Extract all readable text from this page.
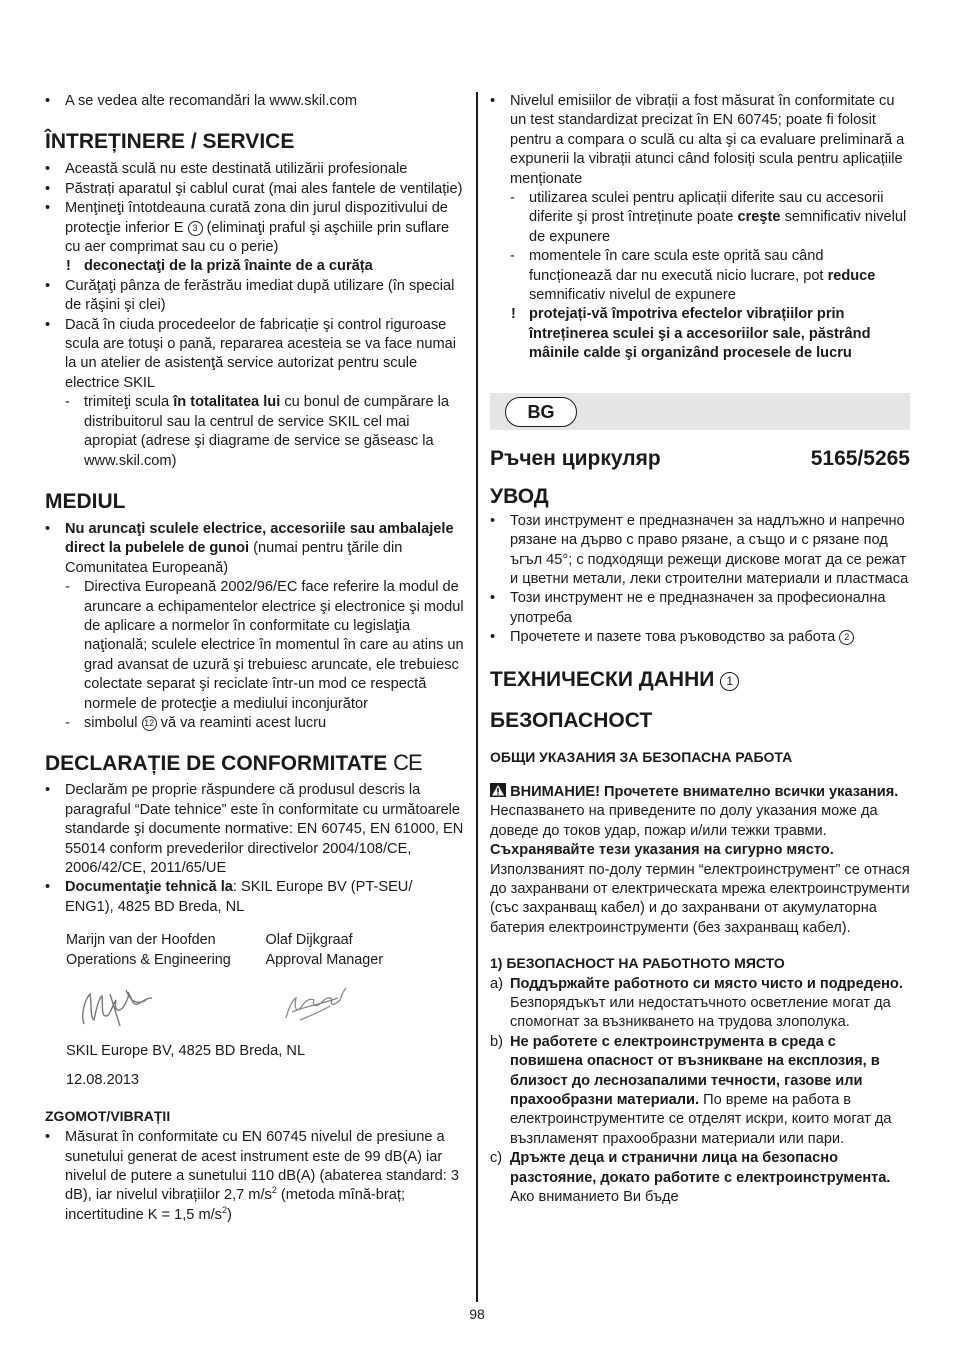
• A se vedea alte recomandări la www.skil.com
ÎNTREȚINERE / SERVICE
• Această sculă nu este destinată utilizării profesionale
• Păstrați aparatul şi cablul curat (mai ales fantele de ventilație)
• Menţineţi întotdeauna curată zona din jurul dispozitivului de protecţie inferior E 3 (eliminaţi praful şi aşchiile prin suflare cu aer comprimat sau cu o perie)
! deconectaţi de la priză înainte de a curăța
• Curăţaţi pânza de ferăstrău imediat după utilizare (în special de răşini şi clei)
• Dacă în ciuda procedeelor de fabricație şi control riguroase scula are totuşi o pană, repararea acesteia se va face numai la un atelier de asistenţă service autorizat pentru scule electrice SKIL
- trimiteţi scula în totalitatea lui cu bonul de cumpărare la distribuitorul sau la centrul de service SKIL cel mai apropiat (adrese şi diagrame de service se găseasc la www.skil.com)
MEDIUL
• Nu aruncaţi sculele electrice, accesoriile sau ambalajele direct la pubelele de gunoi (numai pentru ţările din Comunitatea Europeană)
- Directiva Europeană 2002/96/EC face referire la modul de aruncare a echipamentelor electrice şi electronice şi modul de aplicare a normelor în conformitate cu legislaţia naţională; sculele electrice în momentul în care au atins un grad avansat de uzură şi trebuiesc aruncate, ele trebuiesc colectate separat şi reciclate într-un mod ce respectă normele de protecţie a mediului inconjurător
- simbolul 12 vă va reaminti acest lucru
DECLARAȚIE DE CONFORMITATE CE
• Declarăm pe proprie răspundere că produsul descris la paragraful “Date tehnice” este în conformitate cu următoarele standarde şi documente normative: EN 60745, EN 61000, EN 55014 conform prevederilor directivelor 2004/108/CE, 2006/42/CE, 2011/65/UE
• Documentaţie tehnică la: SKIL Europe BV (PT-SEU/ ENG1), 4825 BD Breda, NL
Marijn van der Hoofden
Operations & Engineering
Olaf Dijkgraaf
Approval Manager
SKIL Europe BV, 4825 BD Breda, NL
12.08.2013
ZGOMOT/VIBRAȚII
• Măsurat în conformitate cu EN 60745 nivelul de presiune a sunetului generat de acest instrument este de 99 dB(A) iar nivelul de putere a sunetului 110 dB(A) (abaterea standard: 3 dB), iar nivelul vibrațiilor 2,7 $m/s^2$ (metoda mînă-braț; incertitudine K = 1,5 $m/s^2$)
• Nivelul emisiilor de vibrații a fost măsurat în conformitate cu un test standardizat precizat în EN 60745; poate fi folosit pentru a compara o sculă cu alta şi ca evaluare preliminară a expunerii la vibrații atunci când folosiți scula pentru aplicațiile menționate
- utilizarea sculei pentru aplicații diferite sau cu accesorii diferite şi prost întreținute poate creşte semnificativ nivelul de expunere
- momentele în care scula este oprită sau când funcționează dar nu execută nicio lucrare, pot reduce semnificativ nivelul de expunere
! protejați-vă împotriva efectelor vibrațiilor prin întreținerea sculei şi a accesoriilor sale, păstrând mâinile calde şi organizând procesele de lucru
BG
Ръчен циркуляр	5165/5265
УВОД
• Този инструмент е предназначен за надлъжно и напречно рязане на дърво с право рязане, а също и с рязане под ъгъл 45°; с подходящи режещи дискове могат да се режат и цветни метали, леки строителни материали и пластмаса
• Този инструмент не е предназначен за професионална употреба
• Прочетете и пазете това ръководство за работа 2
ТЕХНИЧЕСКИ ДАННИ 1
БЕЗОПАСНОСТ
ОБЩИ УКАЗАНИЯ ЗА БЕЗОПАСНА РАБОТА
ВНИМАНИЕ! Прочетете внимателно всички указания. Неспазването на приведените по долу указания може да доведе до токов удар, пожар и/или тежки травми. Съхранявайте тези указания на сигурно място. Използваният по-долу термин “електроинструмент” се отнася до захранвани от електрическата мрежа електроинструменти (със захранващ кабел) и до захранвани от акумулаторна батерия електроинструменти (без захранващ кабел).
1) БЕЗОПАСНОСТ НА РАБОТНОТО МЯСТО
a) Поддържайте работното си място чисто и подредено. Безпорядъкът или недостатъчното осветление могат да спомогнат за възникването на трудова злополука.
b) Не работете с електроинструмента в среда с повишена опасност от възникване на експлозия, в близост до леснозапалими течности, газове или прахообразни материали. По време на работа в електроинструментите се отделят искри, които могат да възпламенят прахообразни материали или пари.
c) Дръжте деца и странични лица на безопасно разстояние, докато работите с електроинструмента. Ако вниманието Ви бъде
98
